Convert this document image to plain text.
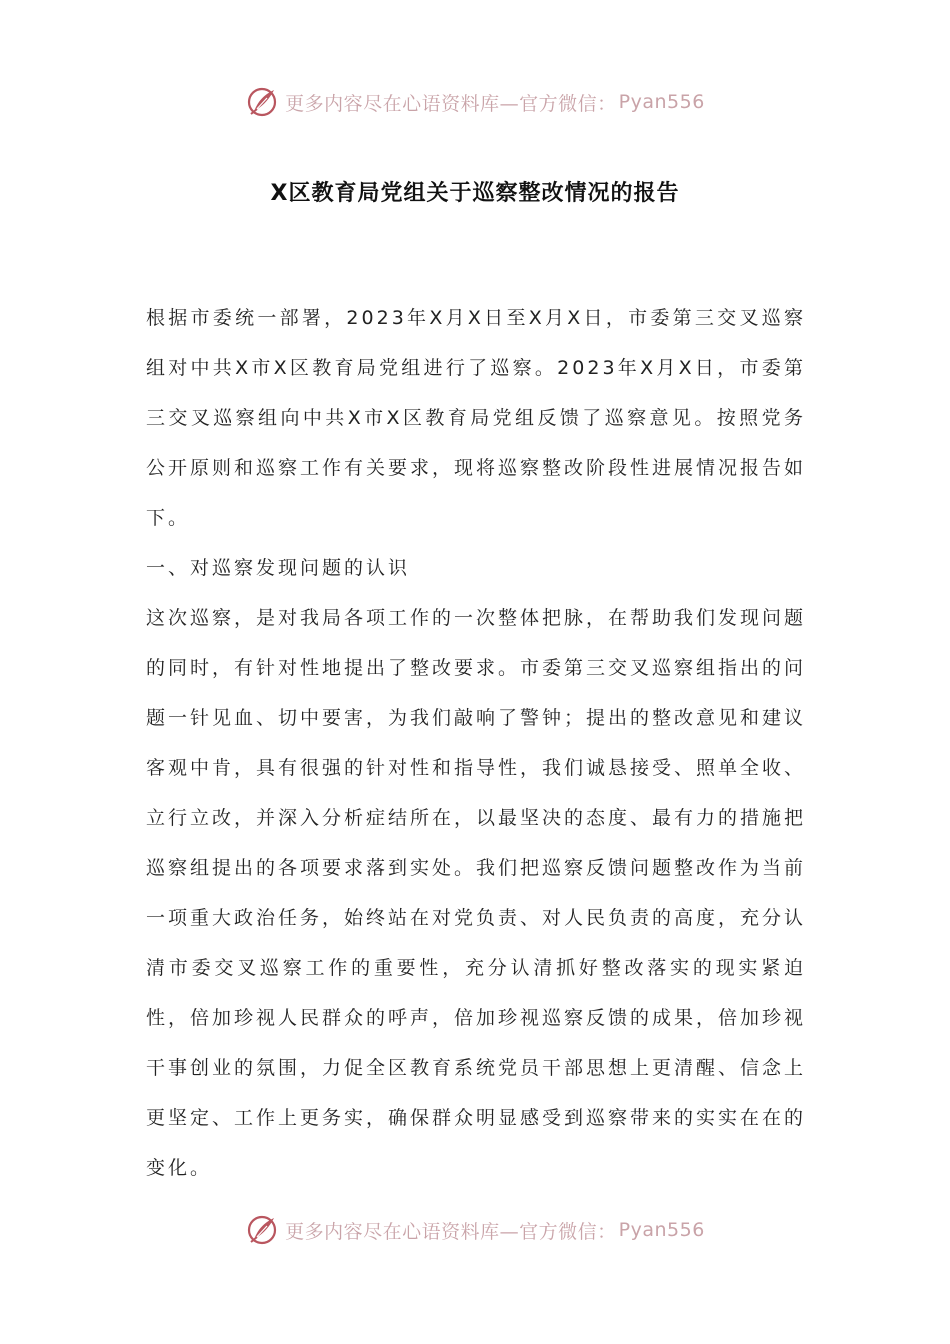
更多内容尽在心语资料库—官方微信： Pyan556
X区教育局党组关于巡察整改情况的报告
根据市委统一部署，2023年X月X日至X月X日，市委第三交叉巡察组对中共X市X区教育局党组进行了巡察。2023年X月X日，市委第三交叉巡察组向中共X市X区教育局党组反馈了巡察意见。按照党务公开原则和巡察工作有关要求，现将巡察整改阶段性进展情况报告如下。
一、对巡察发现问题的认识
这次巡察，是对我局各项工作的一次整体把脉，在帮助我们发现问题的同时，有针对性地提出了整改要求。市委第三交叉巡察组指出的问题一针见血、切中要害，为我们敲响了警钟；提出的整改意见和建议客观中肯，具有很强的针对性和指导性，我们诚恳接受、照单全收、立行立改，并深入分析症结所在，以最坚决的态度、最有力的措施把巡察组提出的各项要求落到实处。我们把巡察反馈问题整改作为当前一项重大政治任务，始终站在对党负责、对人民负责的高度，充分认清市委交叉巡察工作的重要性，充分认清抓好整改落实的现实紧迫性，倍加珍视人民群众的呼声，倍加珍视巡察反馈的成果，倍加珍视干事创业的氛围，力促全区教育系统党员干部思想上更清醒、信念上更坚定、工作上更务实，确保群众明显感受到巡察带来的实实在在的变化。
更多内容尽在心语资料库—官方微信： Pyan556
